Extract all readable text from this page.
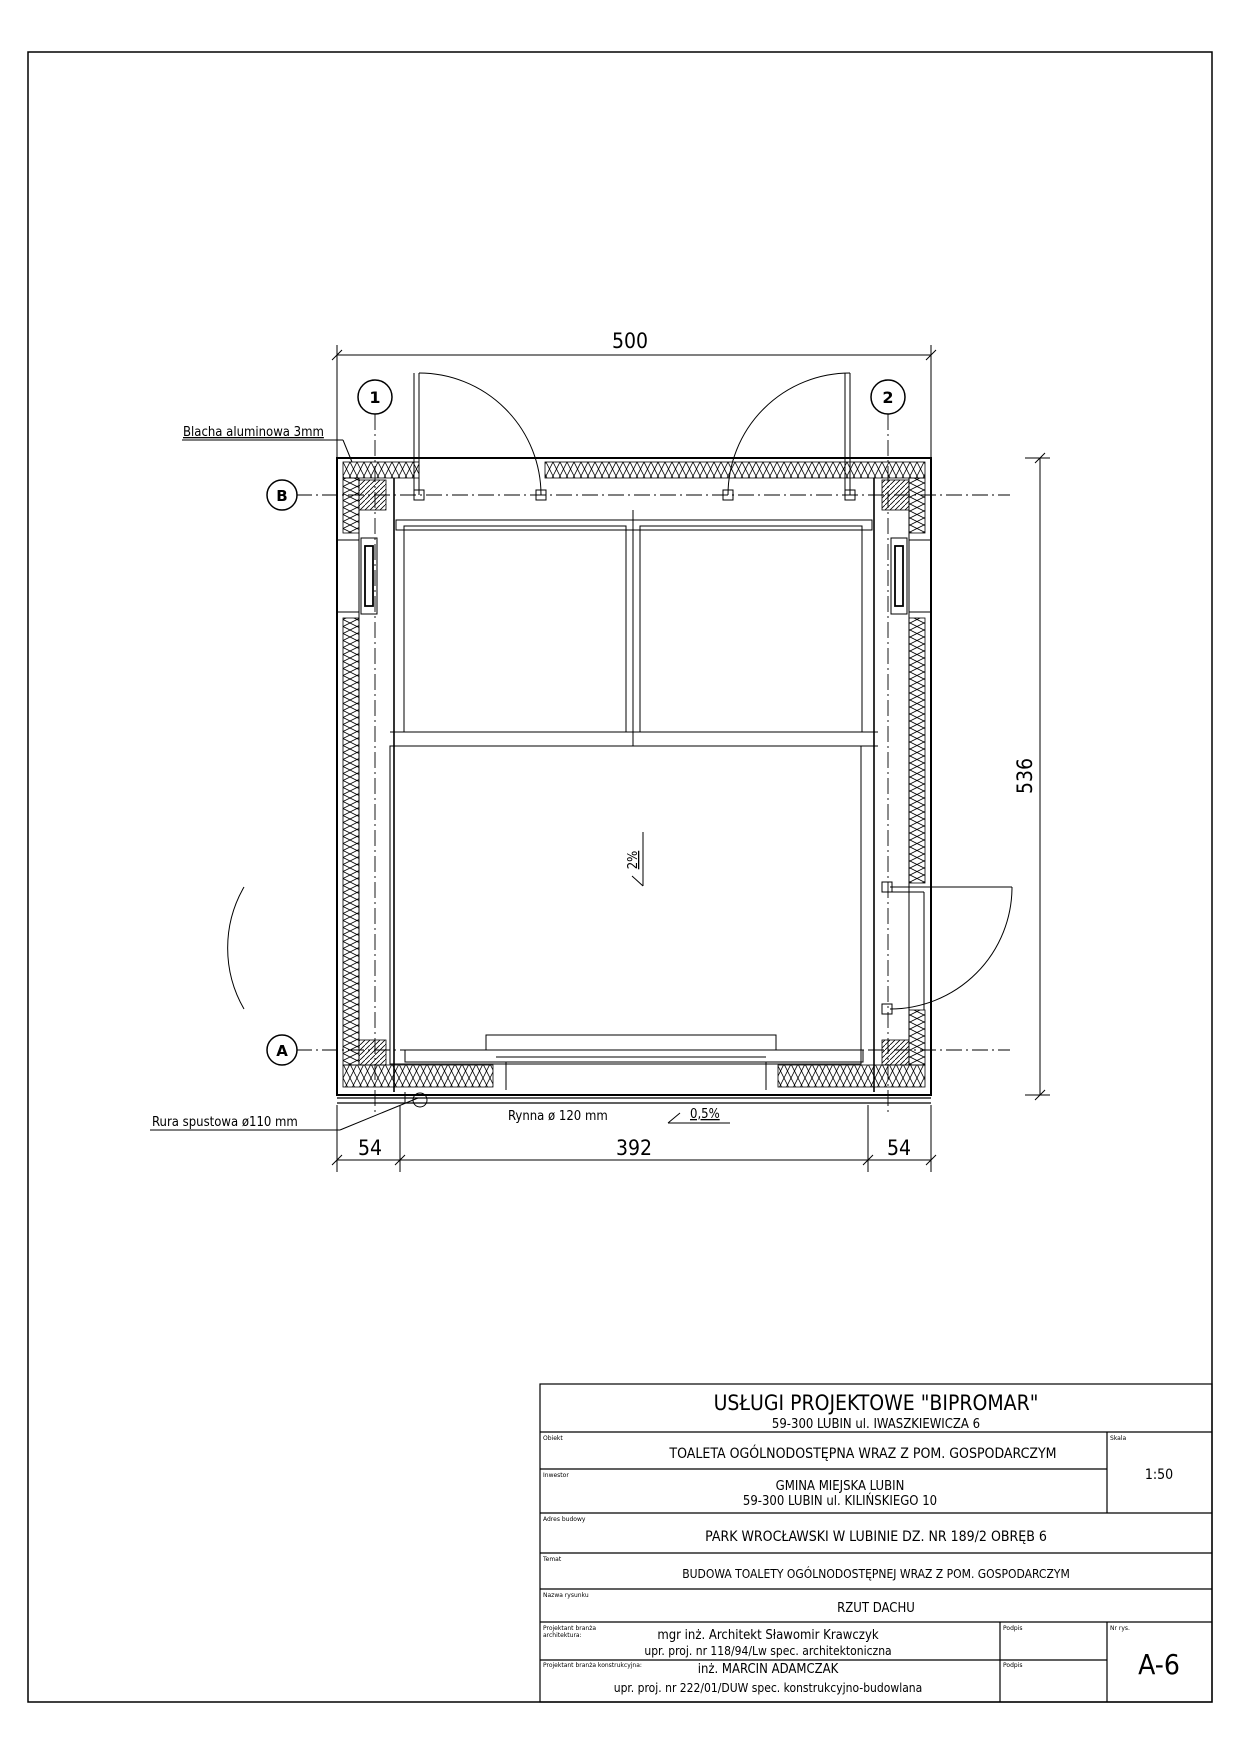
1	2
B
A
500
536
54	392	54
Blacha aluminowa 3mm
Rura spustowa ø110 mm	Rynna ø 120 mm	0,5%
2%
USŁUGI PROJEKTOWE "BIPROMAR"
59-300 LUBIN ul. IWASZKIEWICZA 6
Obiekt
TOALETA OGÓLNODOSTĘPNA WRAZ Z POM. GOSPODARCZYM
Inwestor
GMINA MIEJSKA LUBIN
59-300 LUBIN ul. KILIŃSKIEGO 10
Skala
1:50
Adres budowy
PARK WROCŁAWSKI W LUBINIE DZ. NR 189/2 OBRĘB 6
Temat
BUDOWA TOALETY OGÓLNODOSTĘPNEJ WRAZ Z POM. GOSPODARCZYM
Nazwa rysunku
RZUT DACHU
Projektant branża
architektura:	mgr inż. Architekt Sławomir Krawczyk
upr. proj. nr 118/94/Lw spec. architektoniczna
Projektant branża konstrukcyjna:	inż. MARCIN ADAMCZAK
upr. proj. nr 222/01/DUW spec. konstrukcyjno-budowlana
Podpis
Podpis
Nr rys.
A-6
